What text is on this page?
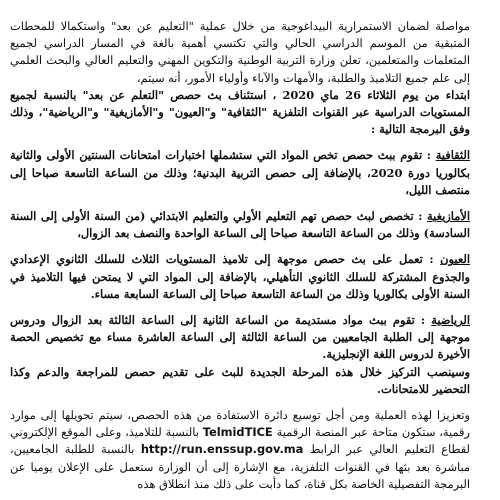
مواصلة لضمان الاستمرارية البيداغوجية من خلال عملية "التعليم عن بعد" واستكمالا للمحطات المتبقية من الموسم الدراسي الحالي والتي تكتسي أهمية بالغة في المسار الدراسي لجميع المتعلمات والمتعلمين، تعلن وزارة التربية الوطنية والتكوين المهني والتعليم العالي والبحث العلمي إلى علم جميع التلاميذ والطلبة، والأمهات والآباء وأولياء الأمور، أنه سيتم،

ابتداء من يوم الثلاثاء 26 ماي 2020 ، استئناف بث حصص "التعلم عن بعد" بالنسبة لجميع المستويات الدراسية عبر القنوات التلفزية "الثقافية" و"العيون" و"الأمازيغية" و"الرياضية"، وذلك وفق البرمجة التالية :

الثقافية : تقوم ببث حصص تخص المواد التي ستشملها اختبارات امتحانات السنتين الأولى والثانية بكالوريا دورة 2020، بالإضافة إلى حصص التربية البدنية؛ وذلك من الساعة التاسعة صباحا إلى منتصف الليل،

الأمازيغية : تخصص لبث حصص تهم التعليم الأولي والتعليم الابتدائي (من السنة الأولى إلى السنة السادسة) وذلك من الساعة التاسعة صباحا إلى الساعة الواحدة والنصف بعد الزوال،

العيون : تعمل على بث حصص موجهة إلى تلاميذ المستويات الثلاث للسلك الثانوي الإعدادي والجذوع المشتركة للسلك الثانوي التأهيلي، بالإضافة إلى المواد التي لا يمتحن فيها التلاميذ في السنة الأولى بكالوريا وذلك من الساعة التاسعة صباحا إلى الساعة السابعة مساء.

الرياضية : تقوم ببث مواد مستديمة من الساعة الثانية إلى الساعة الثالثة بعد الزوال ودروس موجهة إلى الطلبة الجامعيين من الساعة الثالثة إلى الساعة العاشرة مساء مع تخصيص الحصة الأخيرة لدروس اللغة الإنجليزية.

وسينصب التركيز خلال هذه المرحلة الجديدة للبث على تقديم حصص للمراجعة والدعم وكذا التحضير للامتحانات.

وتعزيزا لهذه العملية ومن أجل توسيع دائرة الاستفادة من هذه الحصص، سيتم تحويلها إلى موارد رقمية، ستكون متاحة عبر المنصة الرقمية TelmidTICE بالنسبة للتلاميذ، وعلى الموقع الإلكتروني لقطاع التعليم العالي عبر الرابط http://run.enssup.gov.ma بالنسبة للطلبة الجامعيين، مباشرة بعد بثها في القنوات التلفزية، مع الإشارة إلى أن الوزارة ستعمل على الإعلان يوميا عن البرمجة التفصيلية الخاصة بكل قناة، كما دأبت على ذلك منذ انطلاق هذه
